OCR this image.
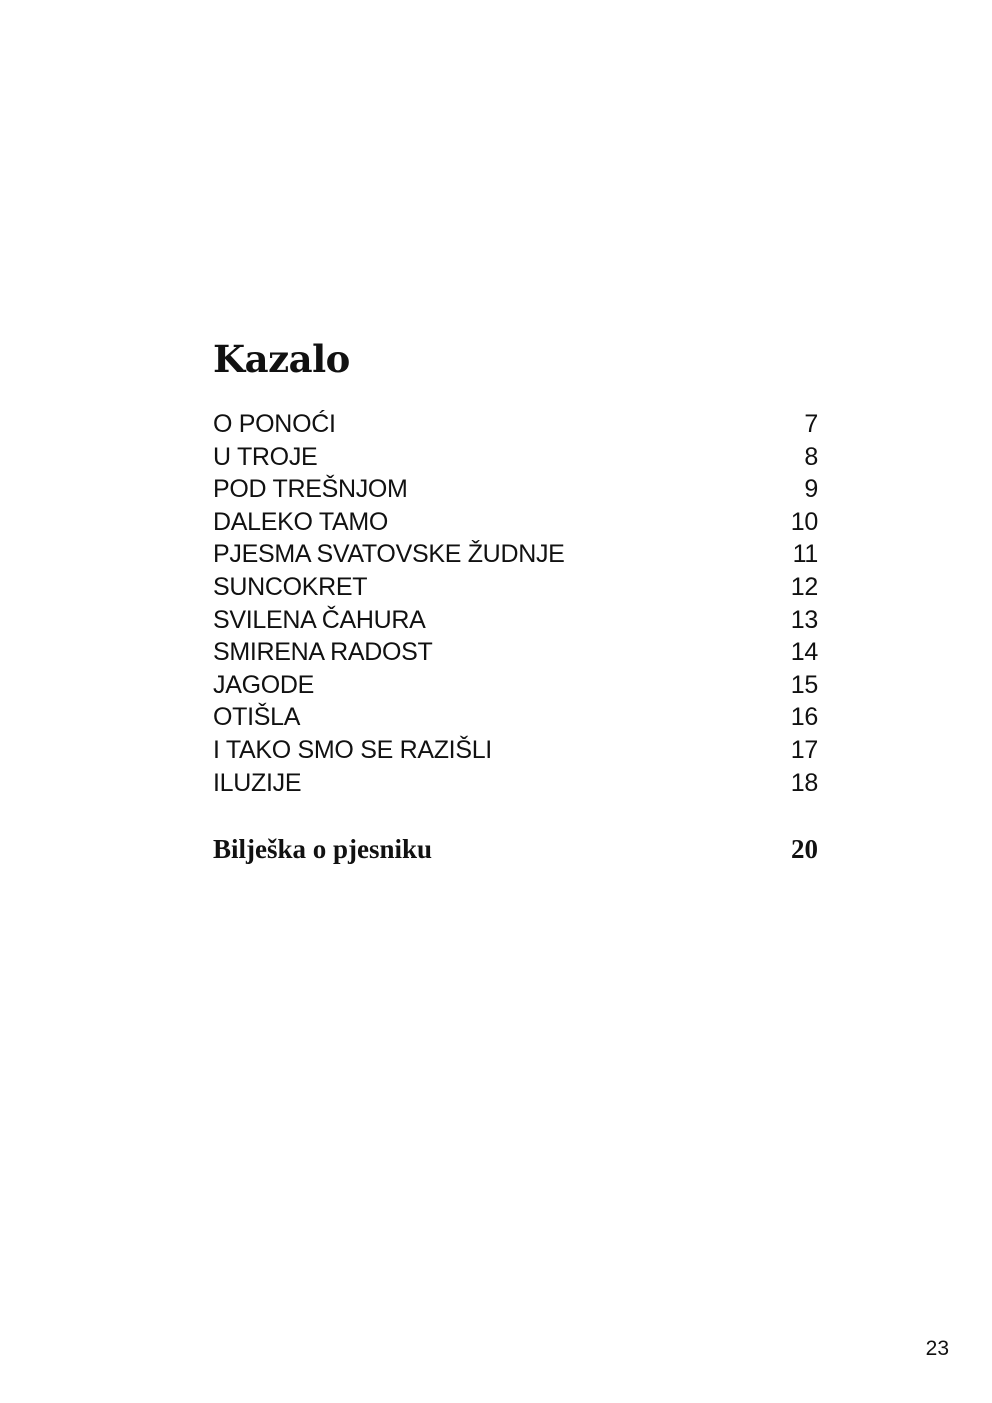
Kazalo
O PONOĆI	7
U TROJE	8
POD TREŠNJOM	9
DALEKO TAMO	10
PJESMA SVATOVSKE ŽUDNJE	11
SUNCOKRET	12
SVILENA ČAHURA	13
SMIRENA RADOST	14
JAGODE	15
OTIŠLA	16
I TAKO SMO SE RAZIŠLI	17
ILUZIJE	18
Bilješka o pjesniku	20
23
